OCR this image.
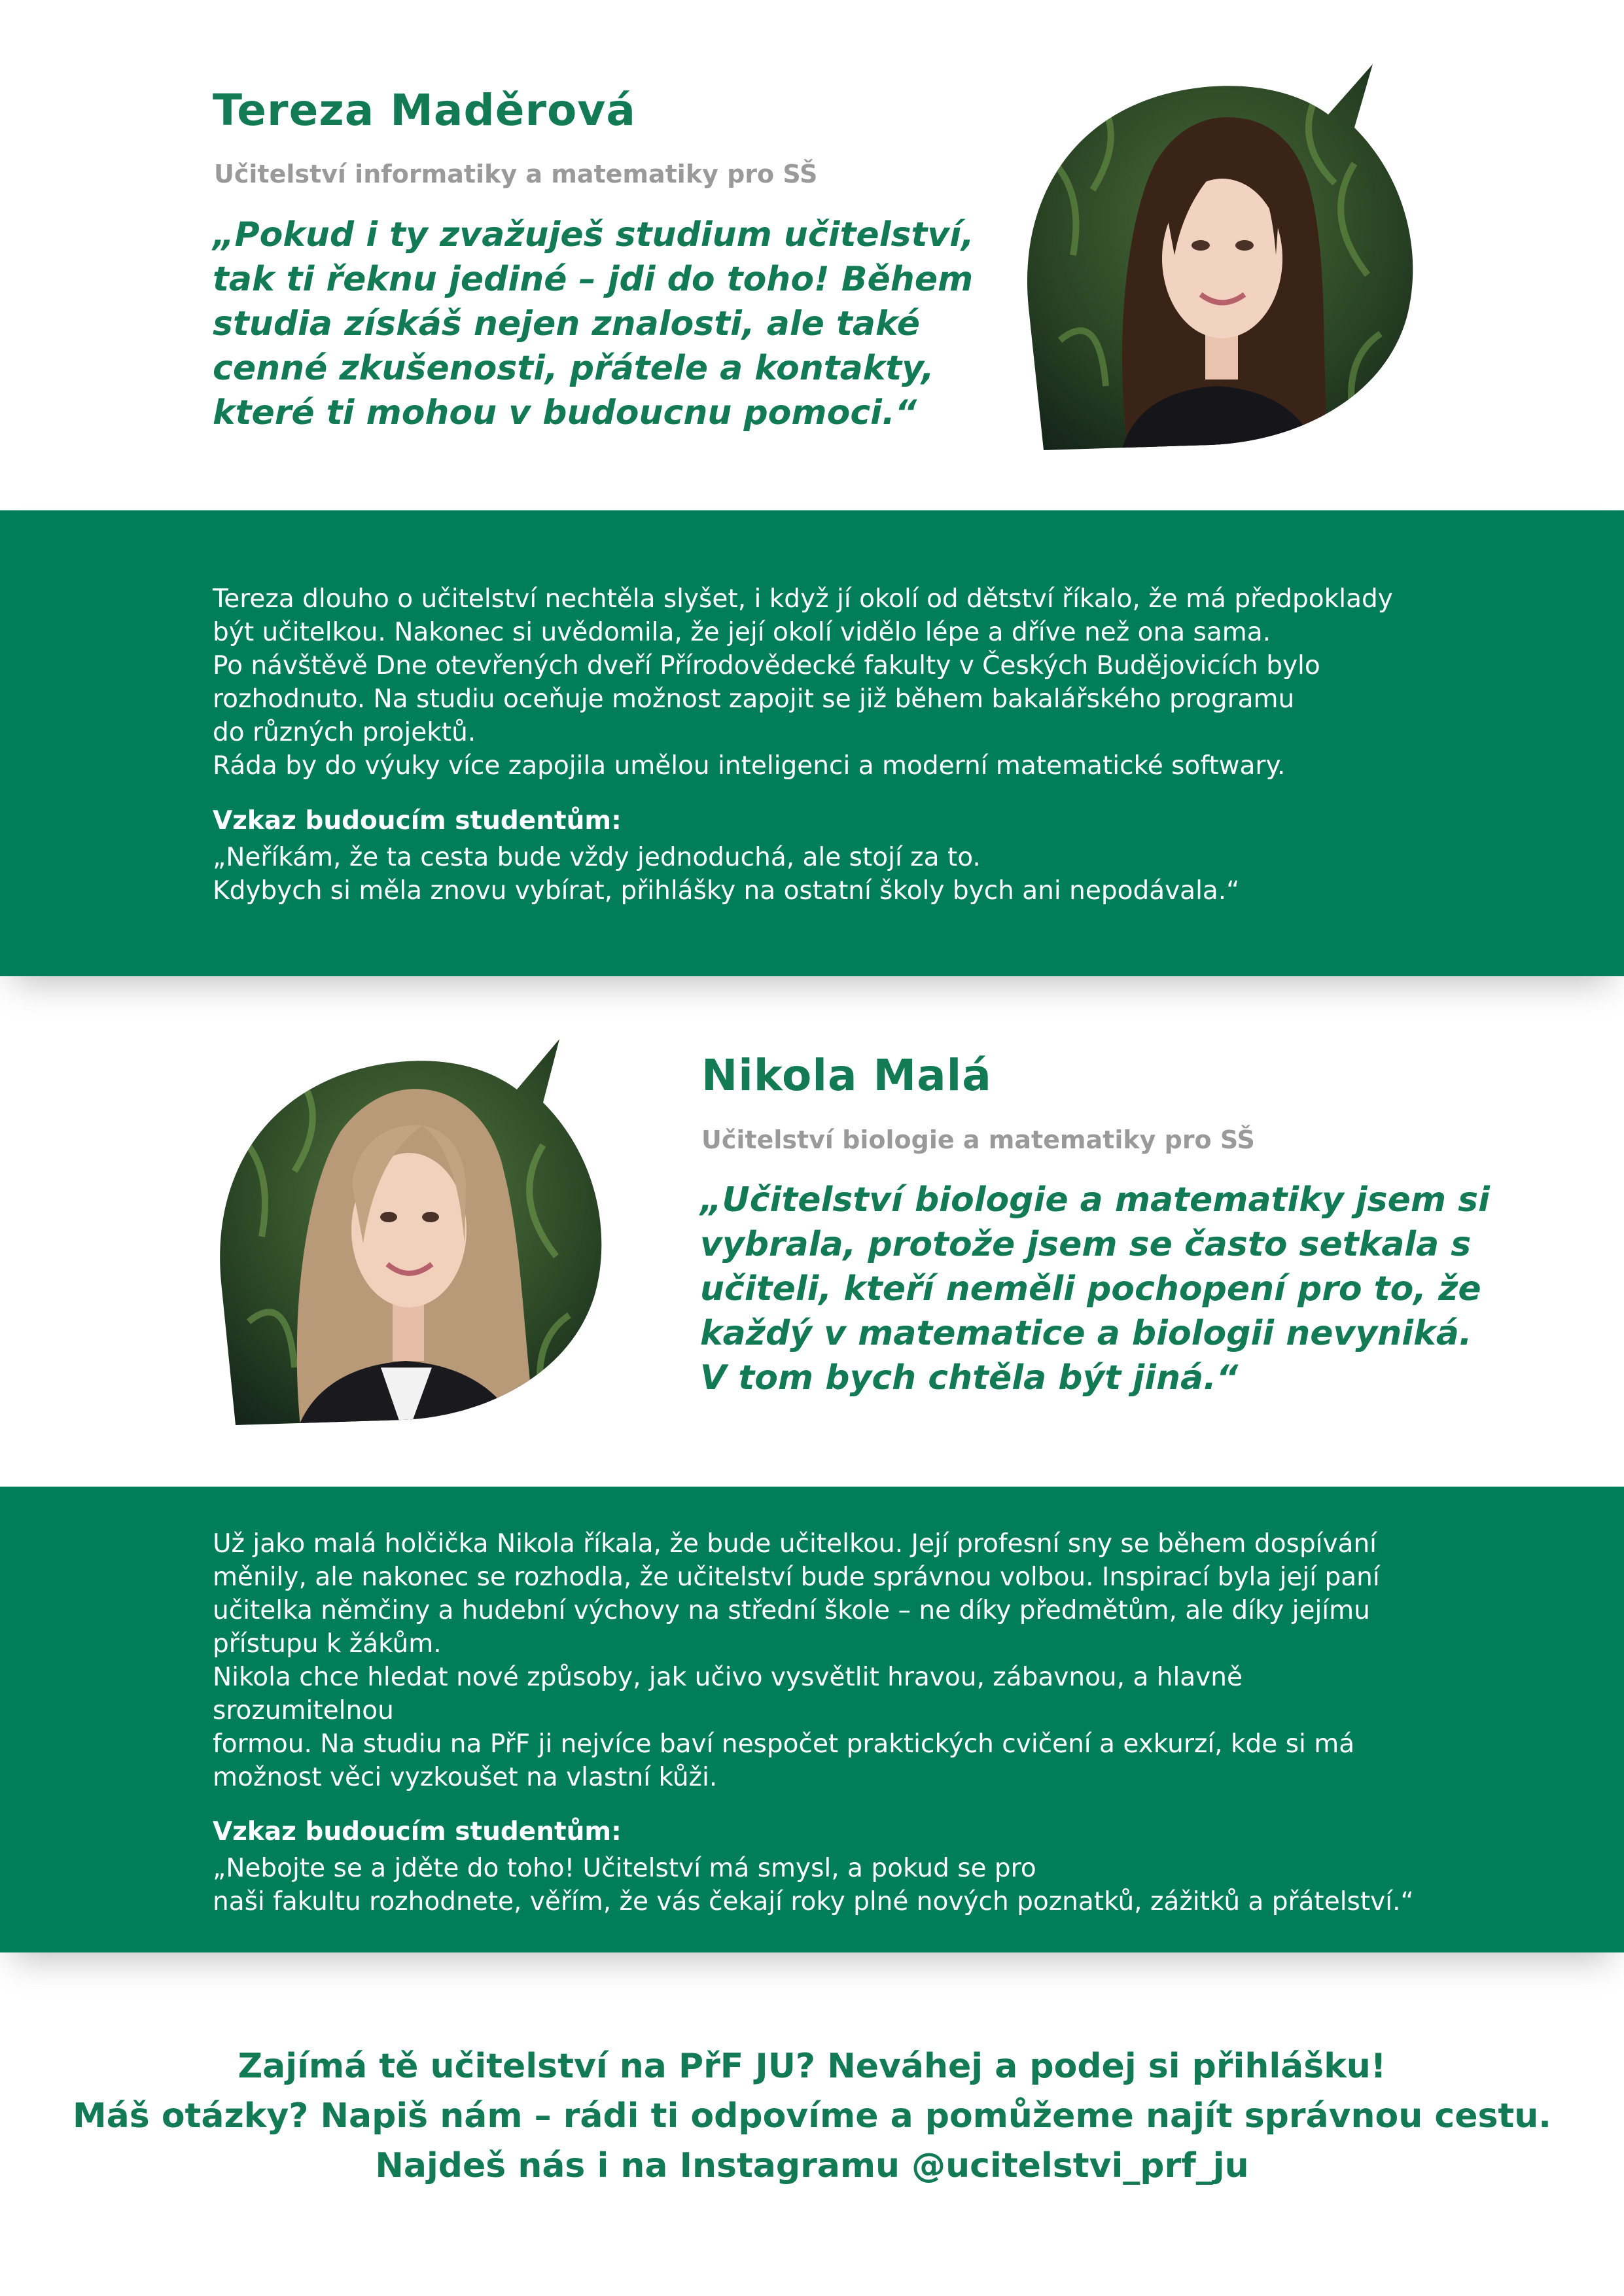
Tereza Maděrová
Učitelství informatiky a matematiky pro SŠ
„Pokud i ty zvažuješ studium učitelství,
tak ti řeknu jediné – jdi do toho! Během
studia získáš nejen znalosti, ale také
cenné zkušenosti, přátele a kontakty,
které ti mohou v budoucnu pomoci.“
Tereza dlouho o učitelství nechtěla slyšet, i když jí okolí od dětství říkalo, že má předpoklady
být učitelkou. Nakonec si uvědomila, že její okolí vidělo lépe a dříve než ona sama.
Po návštěvě Dne otevřených dveří Přírodovědecké fakulty v Českých Budějovicích bylo
rozhodnuto. Na studiu oceňuje možnost zapojit se již během bakalářského programu
do různých projektů.
Ráda by do výuky více zapojila umělou inteligenci a moderní matematické softwary.
Vzkaz budoucím studentům:
„Neříkám, že ta cesta bude vždy jednoduchá, ale stojí za to.
Kdybych si měla znovu vybírat, přihlášky na ostatní školy bych ani nepodávala.“
Nikola Malá
Učitelství biologie a matematiky pro SŠ
„Učitelství biologie a matematiky jsem si
vybrala, protože jsem se často setkala s
učiteli, kteří neměli pochopení pro to, že
každý v matematice a biologii nevyniká.
V tom bych chtěla být jiná.“
Už jako malá holčička Nikola říkala, že bude učitelkou. Její profesní sny se během dospívání
měnily, ale nakonec se rozhodla, že učitelství bude správnou volbou. Inspirací byla její paní
učitelka němčiny a hudební výchovy na střední škole – ne díky předmětům, ale díky jejímu
přístupu k žákům.
Nikola chce hledat nové způsoby, jak učivo vysvětlit hravou, zábavnou, a hlavně
srozumitelnou
formou. Na studiu na PřF ji nejvíce baví nespočet praktických cvičení a exkurzí, kde si má
možnost věci vyzkoušet na vlastní kůži.
Vzkaz budoucím studentům:
„Nebojte se a jděte do toho! Učitelství má smysl, a pokud se pro
naši fakultu rozhodnete, věřím, že vás čekají roky plné nových poznatků, zážitků a přátelství.“
Zajímá tě učitelství na PřF JU? Neváhej a podej si přihlášku!
Máš otázky? Napiš nám – rádi ti odpovíme a pomůžeme najít správnou cestu.
Najdeš nás i na Instagramu @ucitelstvi_prf_ju
